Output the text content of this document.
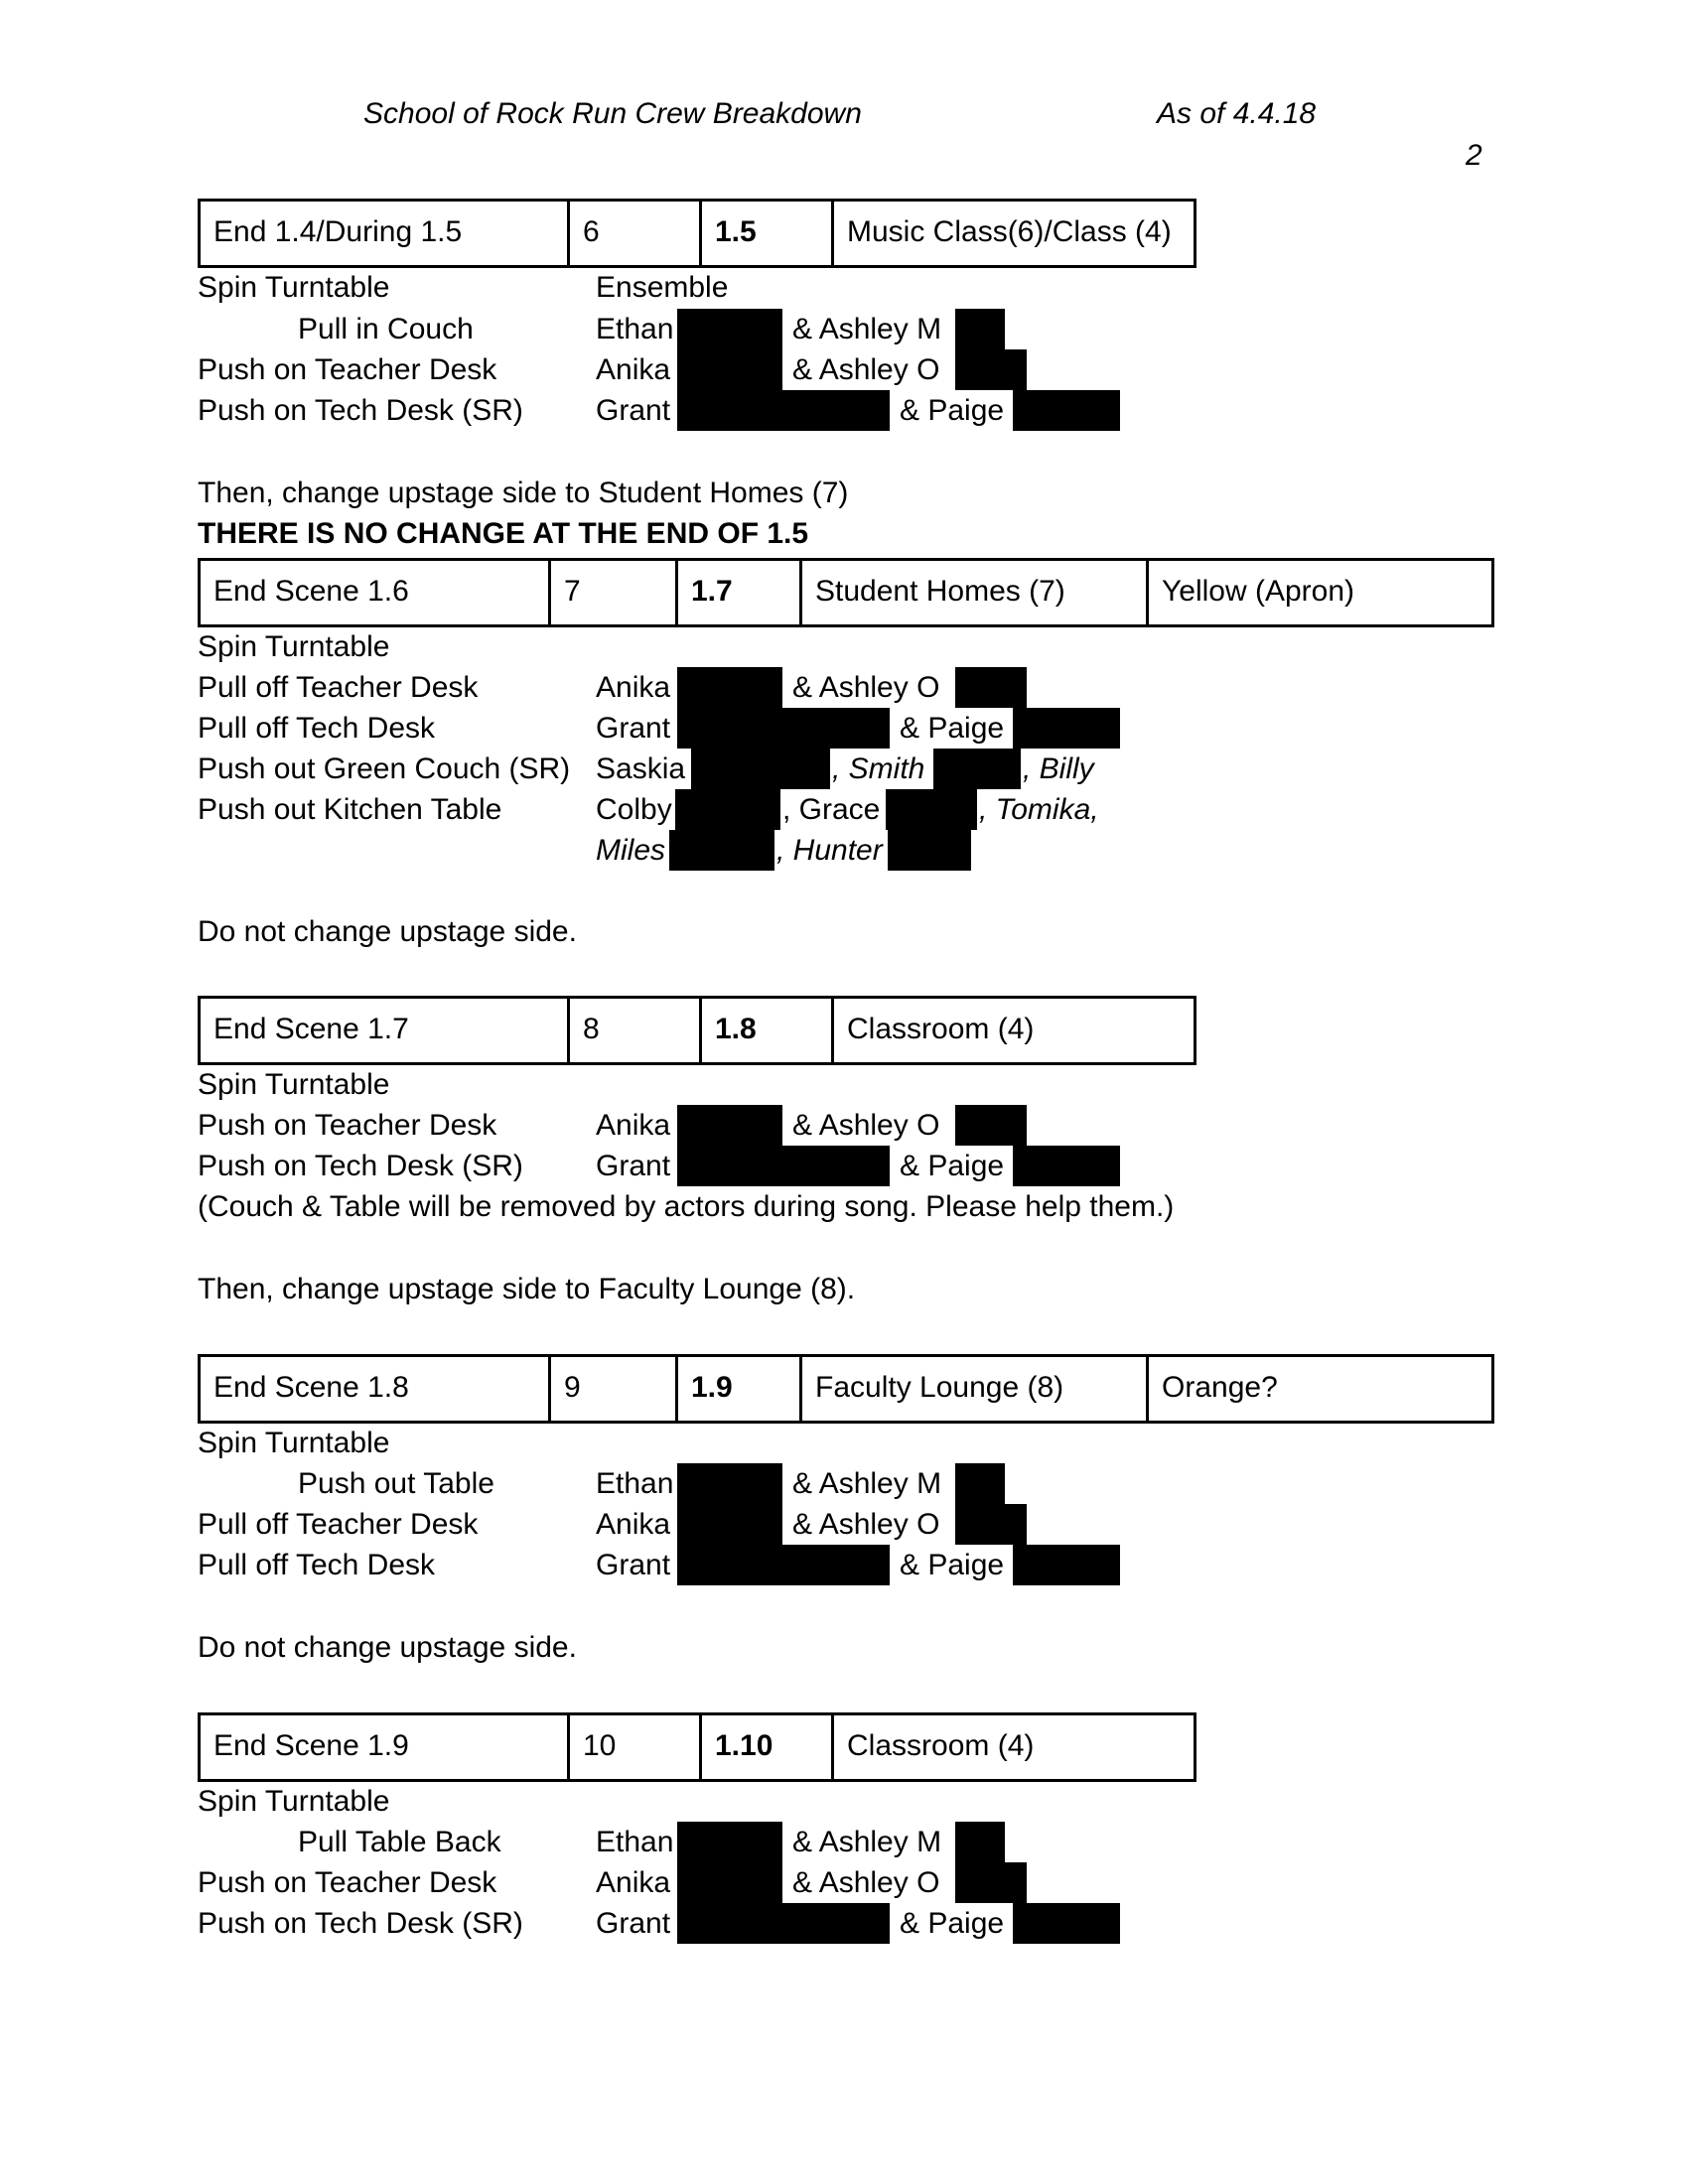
School of Rock Run Crew Breakdown	As of 4.4.18
2
End 1.4/During 1.5	6	1.5	Music Class(6)/Class (4)
Spin Turntable	Ensemble
Pull in Couch	Ethan	& Ashley M
Push on Teacher Desk	Anika	& Ashley O
Push on Tech Desk (SR) Grant	& Paige
Then, change upstage side to Student Homes (7)
THERE IS NO CHANGE AT THE END OF 1.5
End Scene 1.6	7	1.7	Student Homes (7)	Yellow (Apron)
Spin Turntable
Pull off Teacher Desk	Anika	& Ashley O
Pull off Tech Desk	Grant	& Paige
Push out Green Couch (SR) Saskia	, Smith	, Billy
Push out Kitchen Table	Colby	, Grace	, Tomika,
Miles	, Hunter
Do not change upstage side.
End Scene 1.7	8	1.8	Classroom (4)
Spin Turntable
Push on Teacher Desk	Anika	& Ashley O
Push on Tech Desk (SR) Grant	& Paige
(Couch & Table will be removed by actors during song. Please help them.)
Then, change upstage side to Faculty Lounge (8).
End Scene 1.8	9	1.9	Faculty Lounge (8)	Orange?
Spin Turntable
Push out Table	Ethan	& Ashley M
Pull off Teacher Desk	Anika	& Ashley O
Pull off Tech Desk	Grant	& Paige
Do not change upstage side.
End Scene 1.9	10	1.10	Classroom (4)
Spin Turntable
Pull Table Back	Ethan	& Ashley M
Push on Teacher Desk	Anika	& Ashley O
Push on Tech Desk (SR) Grant	& Paige
